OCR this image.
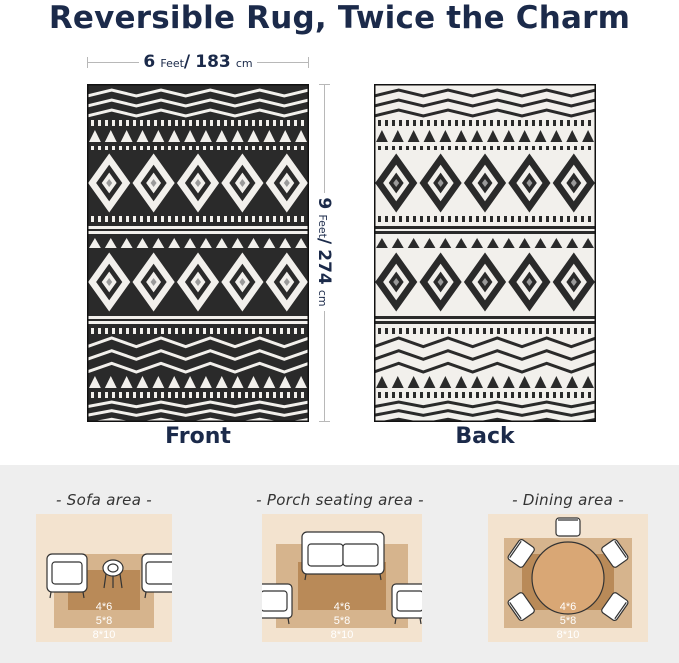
Reversible Rug, Twice the Charm
6 Feet/ 183 cm
9 Feet/ 274 cm
Front	Back
- Sofa area -	- Porch seating area -	- Dining area -
4*6
5*8
8*10
4*6
5*8
8*10
4*6
5*8
8*10
